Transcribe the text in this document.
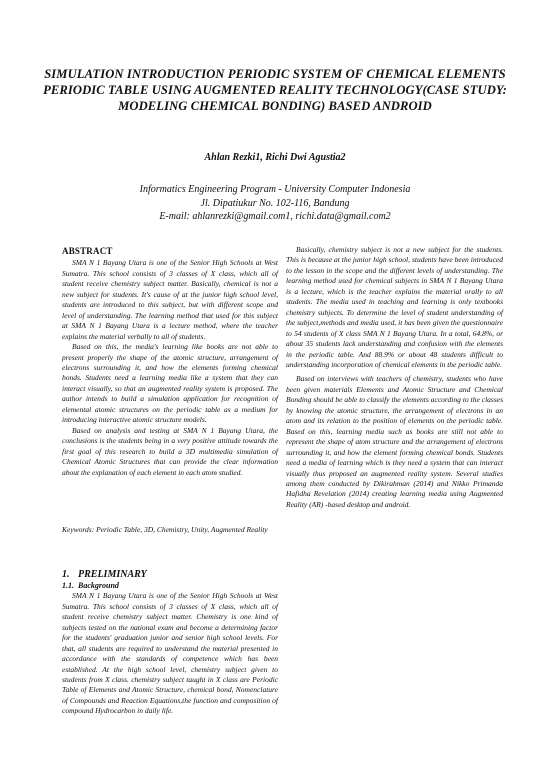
SIMULATION INTRODUCTION PERIODIC SYSTEM OF CHEMICAL ELEMENTS PERIODIC TABLE USING AUGMENTED REALITY TECHNOLOGY(CASE STUDY: MODELING CHEMICAL BONDING) BASED ANDROID
Ahlan Rezki1, Richi Dwi Agustia2
Informatics Engineering Program - University Computer Indonesia
Jl. Dipatiukur No. 102-116, Bandung
E-mail: ahlanrezki@gmail.com1, richi.data@gmail.com2
ABSTRACT

SMA N 1 Bayang Utara is one of the Senior High Schools at West Sumatra. This school consists of 3 classes of X class, which all of student receive chemistry subject matter. Basically, chemical is not a new subject for students. It's cause of at the junior high school level, students are introduced to this subject, but with different scope and level of understanding. The learning method that used for this subject at SMA N 1 Bayang Utara is a lecture method, where the teacher explains the material verbally to all of students.

Based on this, the media's learning like books are not able to present properly the shape of the atomic structure, arrangement of electrons surrounding it, and how the elements forming chemical bonds. Students need a learning media like a system that they can interact visually, so that an augmented reality system is proposed. The author intends to build a simulation application for recognition of elemental atomic structures on the periodic table as a medium for introducing interactive atomic structure models.

Based on analysis and testing at SMA N 1 Bayang Utara, the conclusions is the students being in a very positive attitude towards the first goal of this research to build a 3D multimedia simulation of Chemical Atomic Structures that can provide the clear information about the explanation of each element in each atom studied.

Keywords: Periodic Table, 3D, Chemistry, Unity, Augmented Reality

1. PRELIMINARY
1.1. Background

SMA N 1 Bayang Utara is one of the Senior High Schools at West Sumatra. This school consists of 3 classes of X class, which all of student receive chemistry subject matter. Chemistry is one kind of subjects tested on the national exam and become a determining factor for the students' graduation junior and senior high school levels. For that, all students are required to understand the material presented in accordance with the standards of competence which has been established. At the high school level, chemistry subject given to students from X class. chemistry subject taught in X class are Periodic Table of Elements and Atomic Structure, chemical bond, Nomenclature of Compounds and Reaction Equations,the function and composition of compound Hydrocarbon in daily life.

Basically, chemistry subject is not a new subject for the students. This is because at the junior high school, students have been introduced to the lesson in the scope and the different levels of understanding. The learning method used for chemical subjects in SMA N 1 Bayang Utara is a lecture, which is the teacher explains the material orally to all students. The media used in teaching and learning is only textbooks chemistry subjects. To determine the level of student understanding of the subject,methods and media used, it has been given the questionnaire to 54 students of X class SMA N 1 Bayang Utara. In a total, 64.8%, or about 35 students lack understanding and confusion with the elements in the periodic table. And 88.9% or about 48 students difficult to understanding incorporation of chemical elements in the periodic table.

Based on interviews with teachers of chemistry, students who have been given materials Elements and Atomic Structure and Chemical Bonding should be able to classify the elements according to the classes by knowing the atomic structure, the arrangement of electrons in an atom and its relation to the position of elements on the periodic table. Based on this, learning media such as books are still not able to represent the shape of atom structure and the arrangement of electrons surrounding it, and how the element forming chemical bonds. Students need a media of learning which is they need a system that can interact visually thus proposed an augmented reality system. Several studies among them conducted by Dikirahman (2014) and Nikko Primanda Hafidha Revelation (2014) creating learning media using Augmented Reality (AR) -based desktop and android.
